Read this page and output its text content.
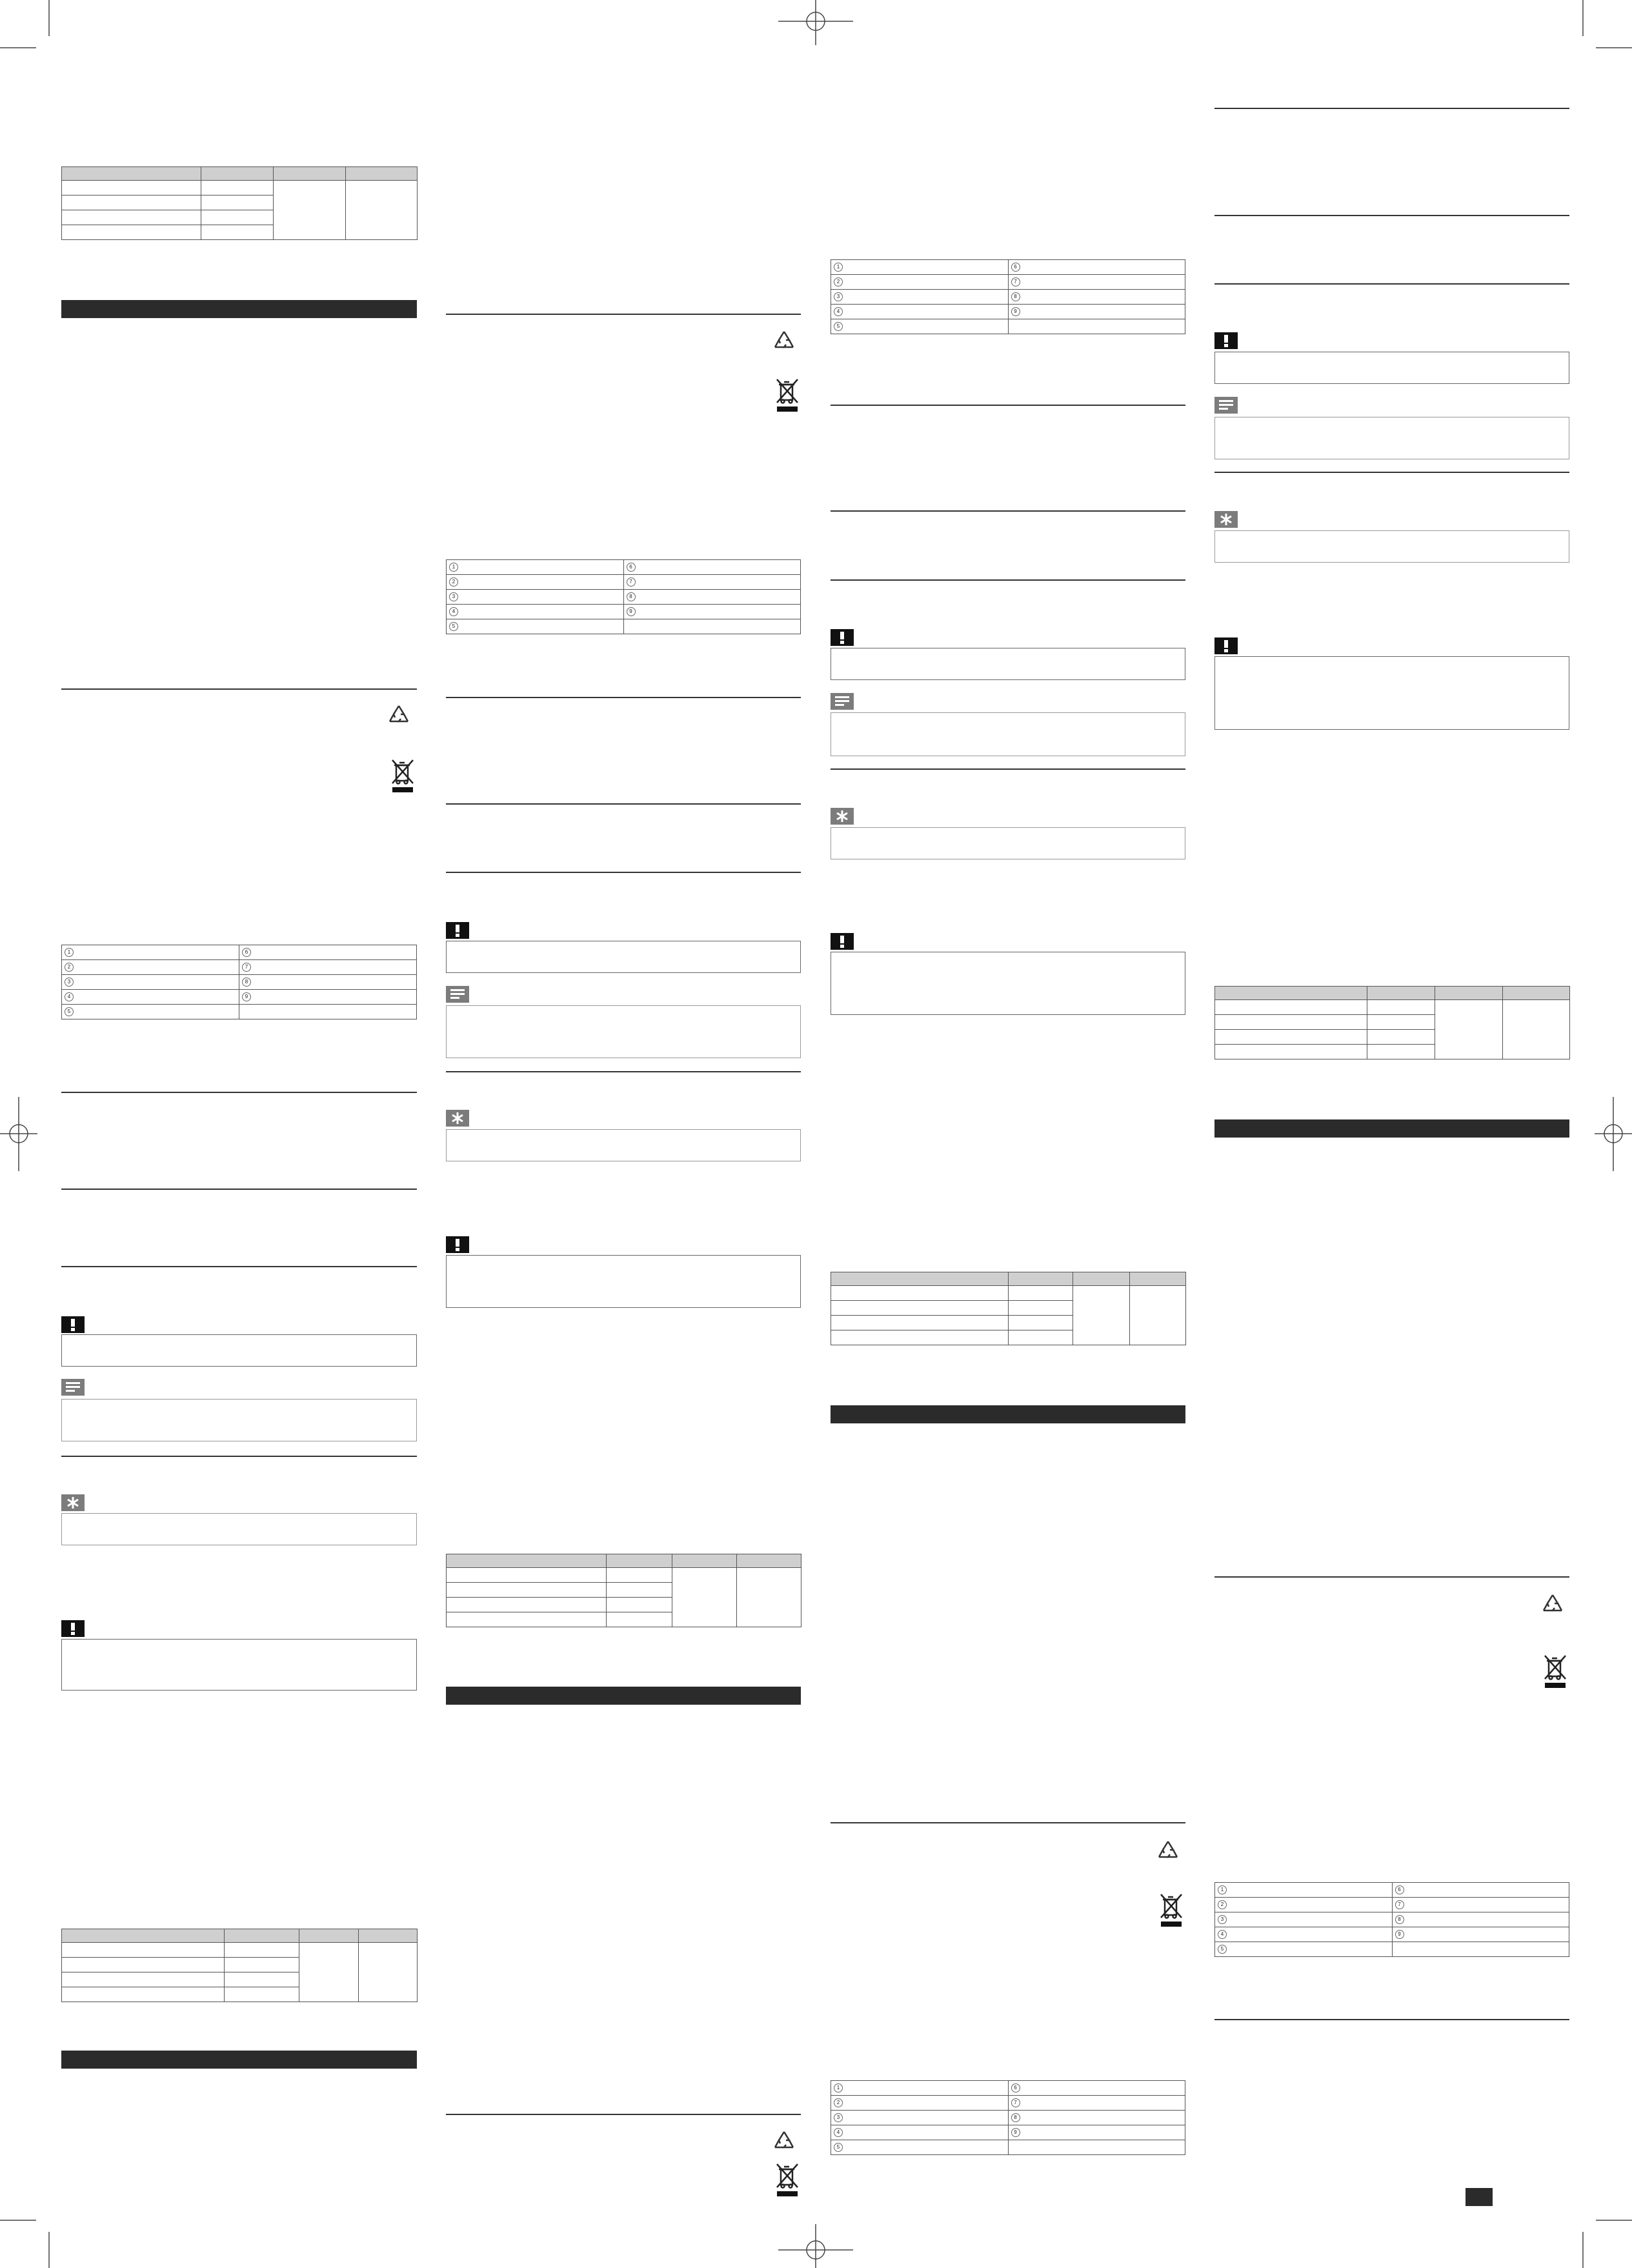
1	6
2	7
3	8
4	9
5	

1	6
2	7
3	8
4	9
5	

1	6
2	7
3	8
4	9
5	

1	6
2	7
3	8
4	9
5	

1	6
2	7
3	8
4	9
5	
